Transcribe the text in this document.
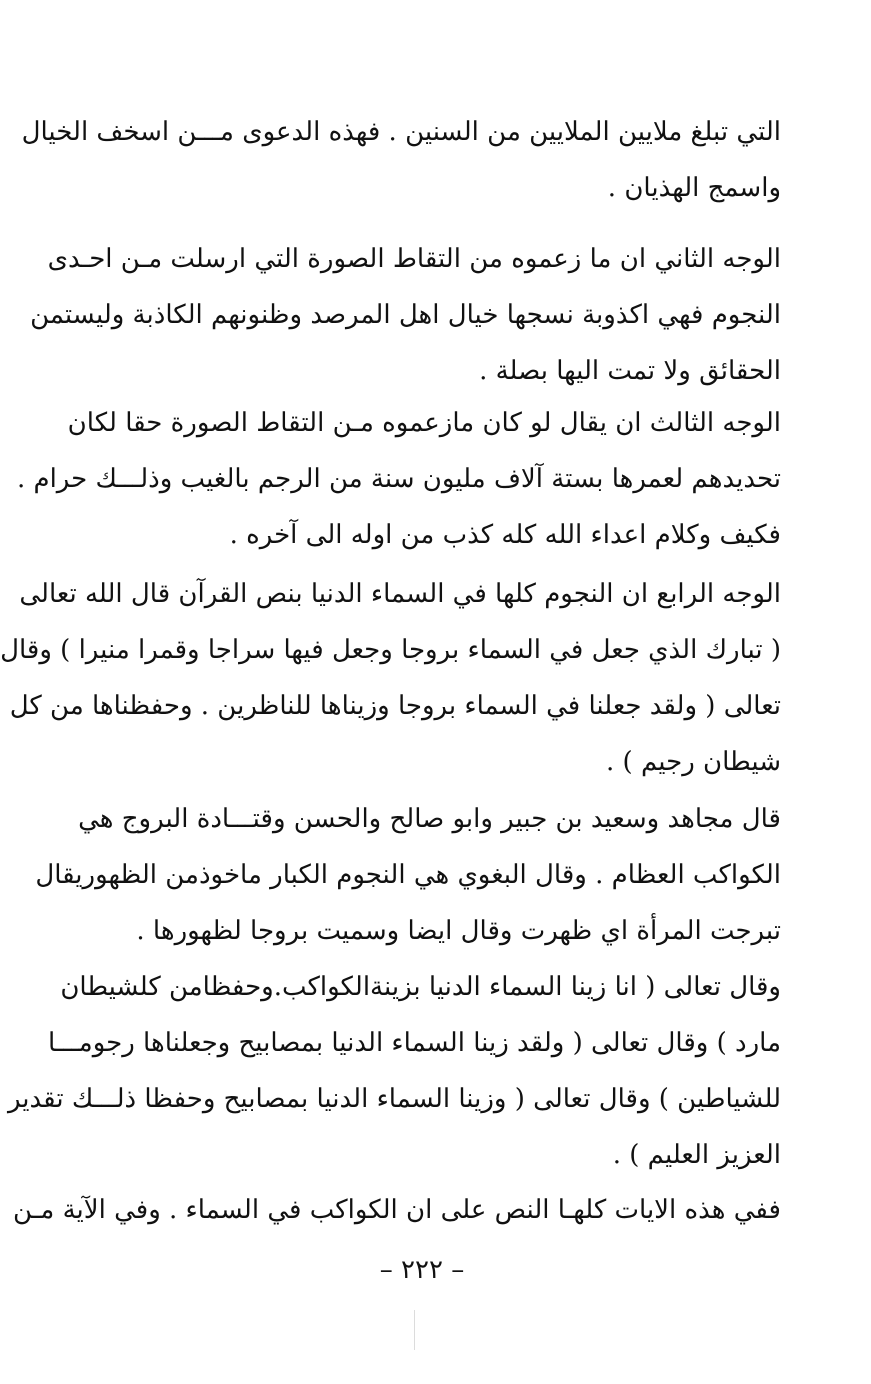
التي تبلغ ملايين الملايين من السنين . فهذه الدعوى مـــن اسخف الخيال
واسمج الهذيان .
الوجه الثاني ان ما زعموه من التقاط الصورة التي ارسلت مـن احـدى
النجوم فهي اكذوبة نسجها خيال اهل المرصد وظنونهم الكاذبة وليستمن
الحقائق ولا تمت اليها بصلة .
الوجه الثالث ان يقال لو كان مازعموه مـن التقاط الصورة حقا لكان
تحديدهم لعمرها بستة آلاف مليون سنة من الرجم بالغيب وذلـــك حرام .
فكيف وكلام اعداء الله كله كذب من اوله الى آخره .
الوجه الرابع ان النجوم كلها في السماء الدنيا بنص القرآن قال الله تعالى
( تبارك الذي جعل في السماء بروجا وجعل فيها سراجا وقمرا منيرا ) وقال
تعالى ( ولقد جعلنا في السماء بروجا وزيناها للناظرين . وحفظناها من كل
شيطان رجيم ) .
قال مجاهد وسعيد بن جبير وابو صالح والحسن وقتـــادة البروج هي
الكواكب العظام . وقال البغوي هي النجوم الكبار ماخوذمن الظهوريقال
تبرجت المرأة اي ظهرت وقال ايضا وسميت بروجا لظهورها .
وقال تعالى ( انا زينا السماء الدنيا بزينةالكواكب.وحفظامن كلشيطان
مارد ) وقال تعالى ( ولقد زينا السماء الدنيا بمصابيح وجعلناها رجومـــا
للشياطين ) وقال تعالى ( وزينا السماء الدنيا بمصابيح وحفظا ذلـــك تقدير
العزيز العليم ) .
ففي هذه الايات كلهـا النص على ان الكواكب في السماء . وفي الآية مـن
– ٢٢٢ –
